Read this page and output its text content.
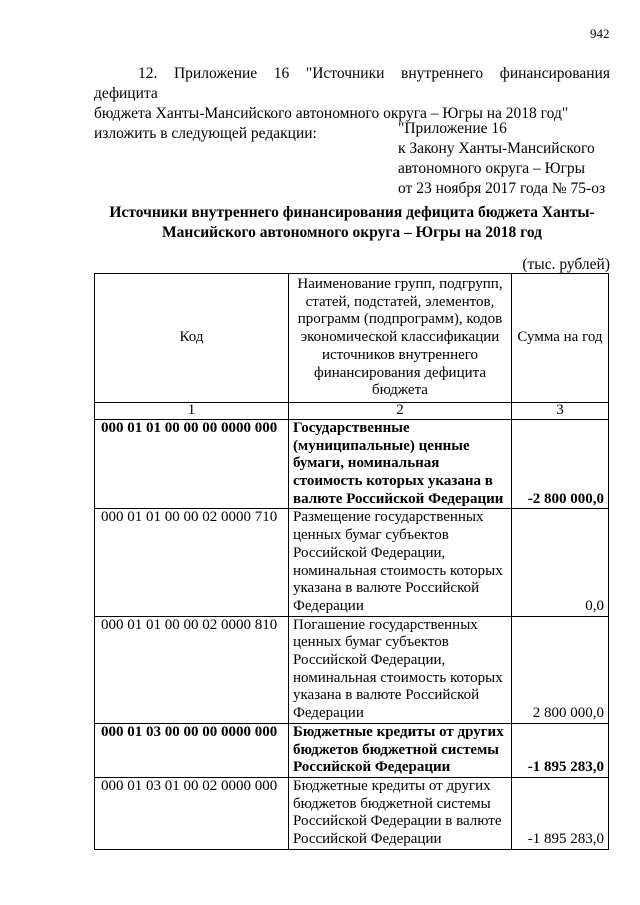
942
12. Приложение 16 "Источники внутреннего финансирования дефицита
бюджета Ханты-Мансийского автономного округа – Югры на 2018 год"
изложить в следующей редакции:	"Приложение 16
к Закону Ханты-Мансийского
автономного округа – Югры
от 23 ноября 2017 года № 75-оз
Источники внутреннего финансирования дефицита бюджета Ханты-
Мансийского автономного округа – Югры на 2018 год
(тыс. рублей)
Код	Наименование групп, подгрупп, статей, подстатей, элементов, программ (подпрограмм), кодов экономической классификации источников внутреннего финансирования дефицита бюджета	Сумма на год
1	2	3
000 01 01 00 00 00 0000 000	Государственные (муниципальные) ценные бумаги, номинальная стоимость которых указана в валюте Российской Федерации	-2 800 000,0
000 01 01 00 00 02 0000 710	Размещение государственных ценных бумаг субъектов Российской Федерации, номинальная стоимость которых указана в валюте Российской Федерации	0,0
000 01 01 00 00 02 0000 810	Погашение государственных ценных бумаг субъектов Российской Федерации, номинальная стоимость которых указана в валюте Российской Федерации	2 800 000,0
000 01 03 00 00 00 0000 000	Бюджетные кредиты от других бюджетов бюджетной системы Российской Федерации	-1 895 283,0
000 01 03 01 00 02 0000 000	Бюджетные кредиты от других бюджетов бюджетной системы Российской Федерации в валюте Российской Федерации	-1 895 283,0
